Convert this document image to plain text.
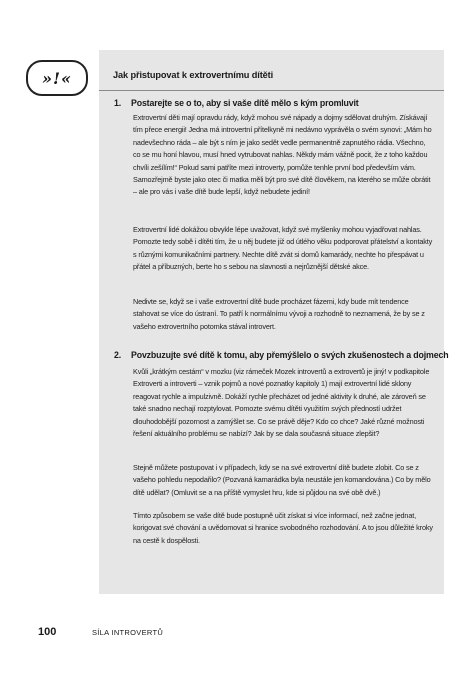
»!«	Jak přistupovat k extrovertnímu dítěti
1. Postarejte se o to, aby si vaše dítě mělo s kým promluvit
Extrovertní děti mají opravdu rády, když mohou své nápady a dojmy sdělovat druhým. Získávají tím přece energii! Jedna má introvertní přítelkyně mi nedávno vyprávěla o svém synovi: „Mám ho nadevšechno ráda – ale být s ním je jako sedět vedle permanentně zapnutého rádia. Všechno, co se mu honí hlavou, musí hned vytrubovat nahlas. Někdy mám vážně pocit, že z toho každou chvíli zešílím!“ Pokud sami patříte mezi introverty, pomůže tenhle první bod především vám. Samozřejmě byste jako otec či matka měli být pro své dítě člověkem, na kterého se může obrátit – ale pro vás i vaše dítě bude lepší, když nebudete jediní!
Extrovertní lidé dokážou obvykle lépe uvažovat, když své myšlenky mohou vyjadřovat nahlas. Pomozte tedy sobě i dítěti tím, že u něj budete již od útlého věku podporovat přátelství a kontakty s různými komunikačními partnery. Nechte dítě zvát si domů kamarády, nechte ho přespávat u přátel a příbuzných, berte ho s sebou na slavnosti a nejrůznější dětské akce.
Nedivte se, když se i vaše extrovertní dítě bude procházet fázemi, kdy bude mít tendence stahovat se více do ústraní. To patří k normálnímu vývoji a rozhodně to neznamená, že by se z vašeho extrovertního potomka stával introvert.
2. Povzbuzujte své dítě k tomu, aby přemýšlelo o svých zkušenostech a dojmech
Kvůli „krátkým cestám“ v mozku (viz rámeček Mozek introvertů a extrovertů je jiný! v podkapitole Extroverti a introverti – vznik pojmů a nové poznatky kapitoly 1) mají extrovertní lidé sklony reagovat rychle a impulzivně. Dokáží rychle přecházet od jedné aktivity k druhé, ale zároveň se také snadno nechají rozptylovat. Pomozte svému dítěti využitím svých předností udržet dlouhodobější pozornost a zamýšlet se. Co se právě děje? Kdo co chce? Jaké různé možnosti řešení aktuálního problému se nabízí? Jak by se dala současná situace zlepšit?
Stejně můžete postupovat i v případech, kdy se na své extrovertní dítě budete zlobit. Co se z vašeho pohledu nepodařilo? (Pozvaná kamarádka byla neustále jen komandována.) Co by mělo dítě udělat? (Omluvit se a na příště vymyslet hru, kde si půjdou na své obě dvě.)
Tímto způsobem se vaše dítě bude postupně učit získat si více informací, než začne jednat, korigovat své chování a uvědomovat si hranice svobodného rozhodování. A to jsou důležité kroky na cestě k dospělosti.
100	SÍLA INTROVERTŮ
